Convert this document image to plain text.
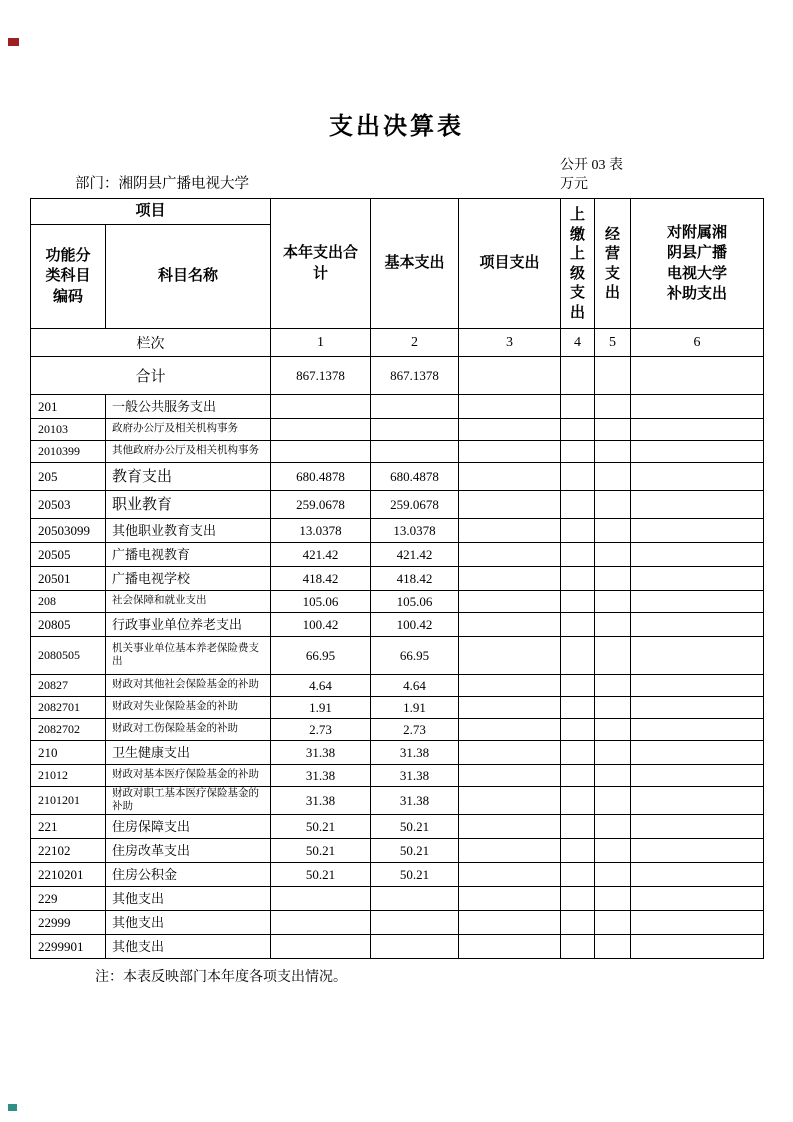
支出决算表
公开 03 表
万元
部门：湘阴县广播电视大学
项目		本年支出合计	基本支出	项目支出	上缴上级支出	经营支出	对附属湘阴县广播电视大学补助支出

功能分类科目编码	科目名称						
栏次		1	2	3	4	5	6
合计		867.1378	867.1378				
201	一般公共服务支出						
20103	政府办公厅及相关机构事务						
2010399	其他政府办公厅及相关机构事务						
205	教育支出	680.4878	680.4878				
20503	职业教育	259.0678	259.0678				
20503099	其他职业教育支出	13.0378	13.0378				
20505	广播电视教育	421.42	421.42				
20501	广播电视学校	418.42	418.42				
208	社会保障和就业支出	105.06	105.06				
20805	行政事业单位养老支出	100.42	100.42				
2080505	机关事业单位基本养老保险费支出	66.95	66.95				
20827	财政对其他社会保险基金的补助	4.64	4.64				
2082701	财政对失业保险基金的补助	1.91	1.91				
2082702	财政对工伤保险基金的补助	2.73	2.73				
210	卫生健康支出	31.38	31.38				
21012	财政对基本医疗保险基金的补助	31.38	31.38				
2101201	财政对职工基本医疗保险基金的补助	31.38	31.38				
221	住房保障支出	50.21	50.21				
22102	住房改革支出	50.21	50.21				
2210201	住房公积金	50.21	50.21				
229	其他支出						
22999	其他支出						
2299901	其他支出						

注：本表反映部门本年度各项支出情况。
